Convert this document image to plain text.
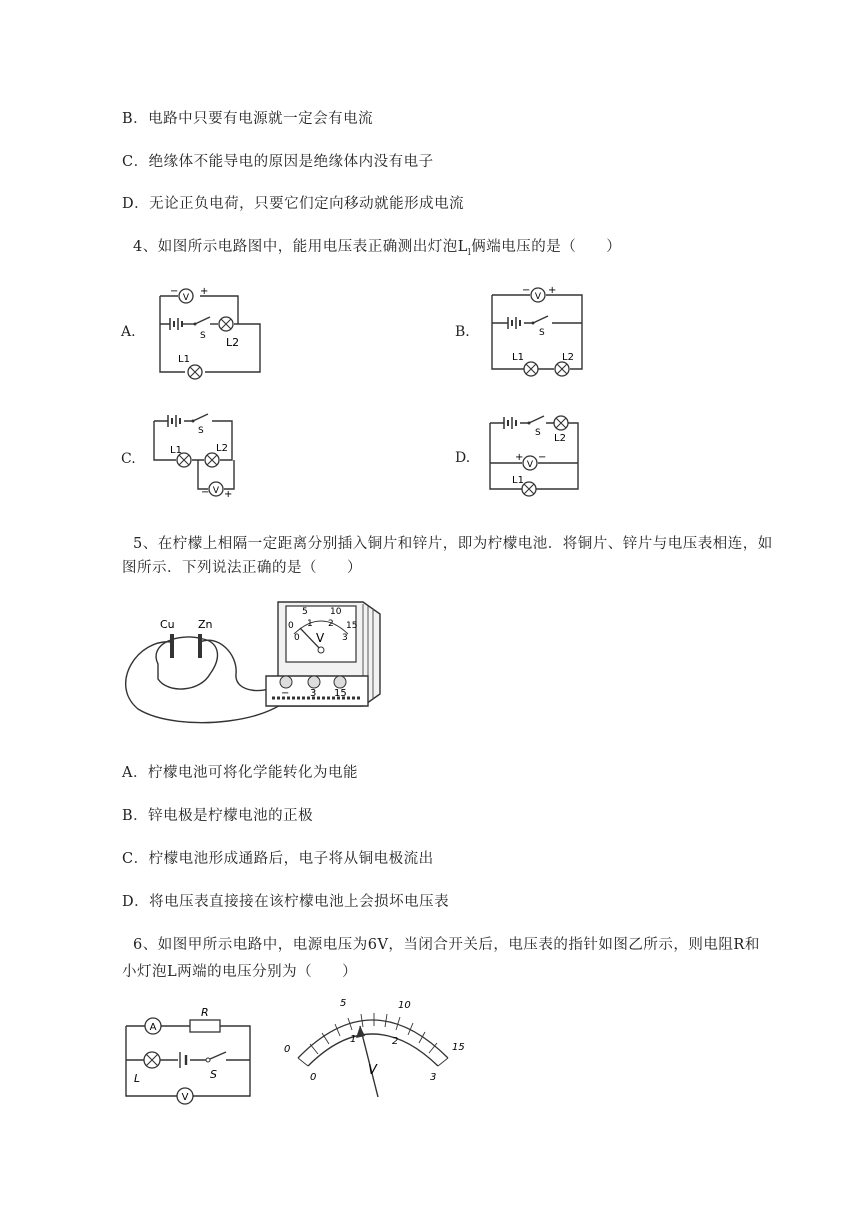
B．电路中只要有电源就一定会有电流
C．绝缘体不能导电的原因是绝缘体内没有电子
D．无论正负电荷，只要它们定向移动就能形成电流
4、如图所示电路图中，能用电压表正确测出灯泡$L_l$俩端电压的是（　　）
A.	B.
C.	D.
V
− +
S L2
L1
V
− +
S
L1	L2
S
L1	L2
V
− +
S L2
V
+ −
L1
5、在柠檬上相隔一定距离分别插入铜片和锌片，即为柠檬电池．将铜片、锌片与电压表相连，如
图所示．下列说法正确的是（　　）
Cu Zn	0
5 10
15
0
1 2
3
V
− 3 15
A．柠檬电池可将化学能转化为电能
B．锌电极是柠檬电池的正极
C．柠檬电池形成通路后，电子将从铜电极流出
D．将电压表直接接在该柠檬电池上会损坏电压表
6、如图甲所示电路中，电源电压为6V，当闭合开关后，电压表的指针如图乙所示，则电阻R和
小灯泡L两端的电压分别为（　　）
A
R
L	S
V
0
5	10
15
0
1	2
3
V
